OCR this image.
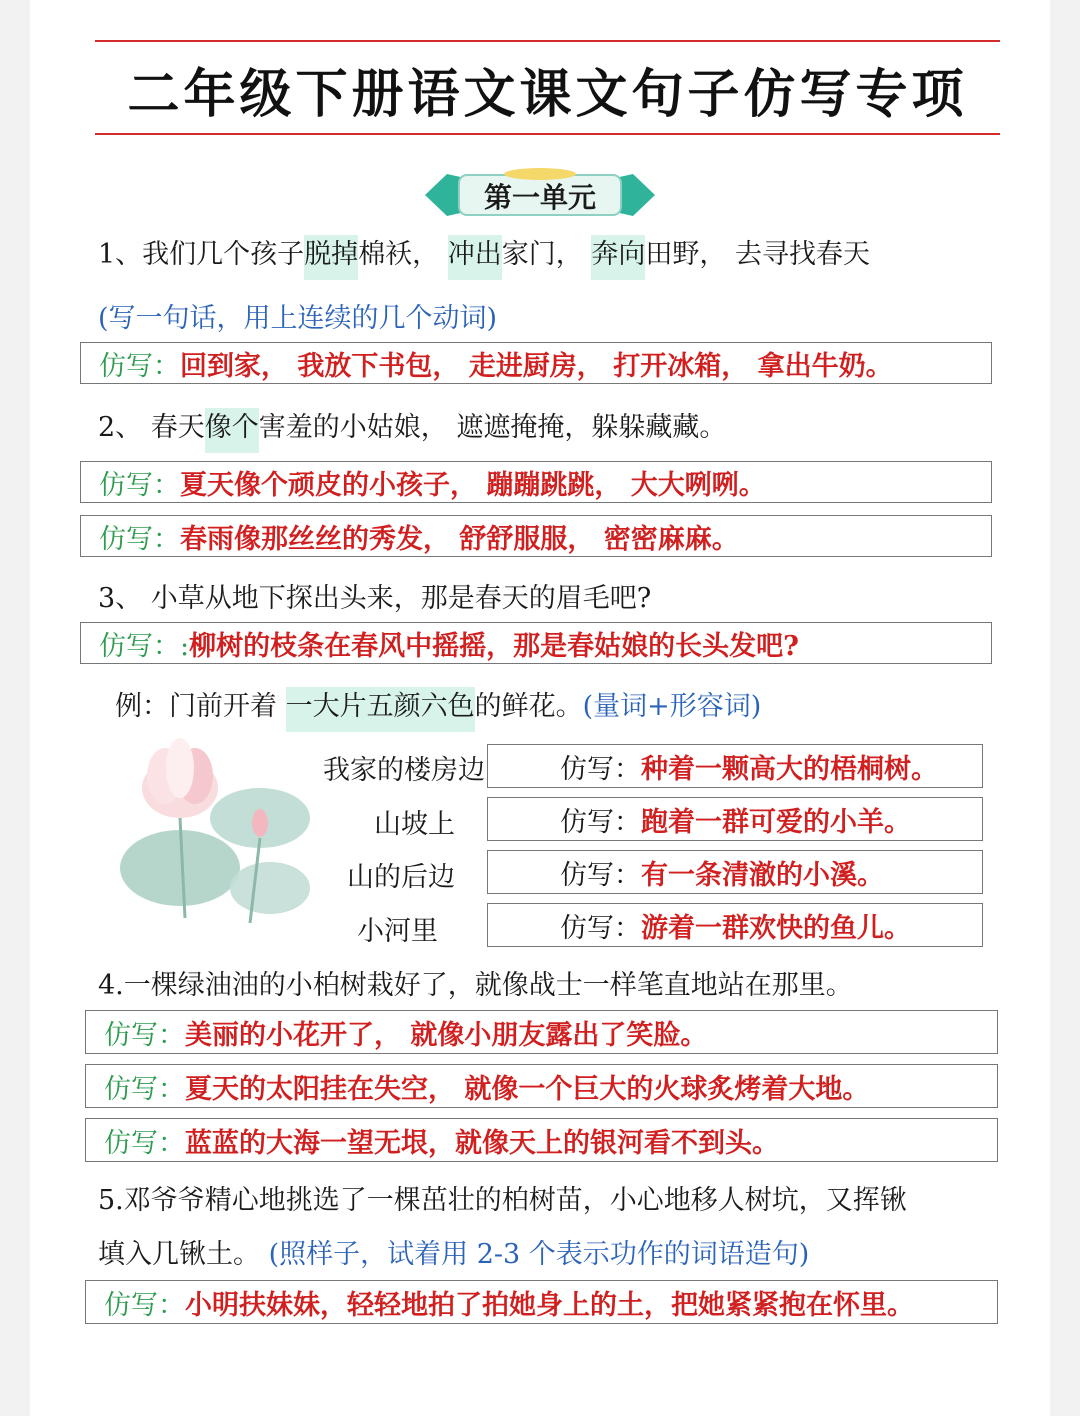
二年级下册语文课文句子仿写专项
第一单元
1、我们几个孩子脱掉棉袄， 冲出家门， 奔向田野， 去寻找春天
(写一句话，用上连续的几个动词)
仿写： 回到家， 我放下书包， 走进厨房， 打开冰箱， 拿出牛奶。
2、 春天像个害羞的小姑娘， 遮遮掩掩，躲躲藏藏。
仿写： 夏天像个顽皮的小孩子， 蹦蹦跳跳， 大大咧咧。
仿写： 春雨像那丝丝的秀发， 舒舒服服， 密密麻麻。
3、 小草从地下探出头来，那是春天的眉毛吧?
仿写：: 柳树的枝条在春风中摇摇，那是春姑娘的长头发吧?
例：门前开着 一大片五颜六色的鲜花。(量词+形容词)
我家的楼房边	仿写： 种着一颗高大的梧桐树。
山坡上	仿写： 跑着一群可爱的小羊。
山的后边	仿写： 有一条清澈的小溪。
小河里	仿写： 游着一群欢快的鱼儿。
4.一棵绿油油的小柏树栽好了，就像战士一样笔直地站在那里。
仿写： 美丽的小花开了， 就像小朋友露出了笑脸。
仿写： 夏天的太阳挂在失空， 就像一个巨大的火球炙烤着大地。
仿写： 蓝蓝的大海一望无垠，就像天上的银河看不到头。
5.邓爷爷精心地挑选了一棵茁壮的柏树苗，小心地移人树坑，又挥锹
填入几锹土。 (照样子，试着用 2-3 个表示功作的词语造句)
仿写： 小明扶妹妹，轻轻地拍了拍她身上的土，把她紧紧抱在怀里。
